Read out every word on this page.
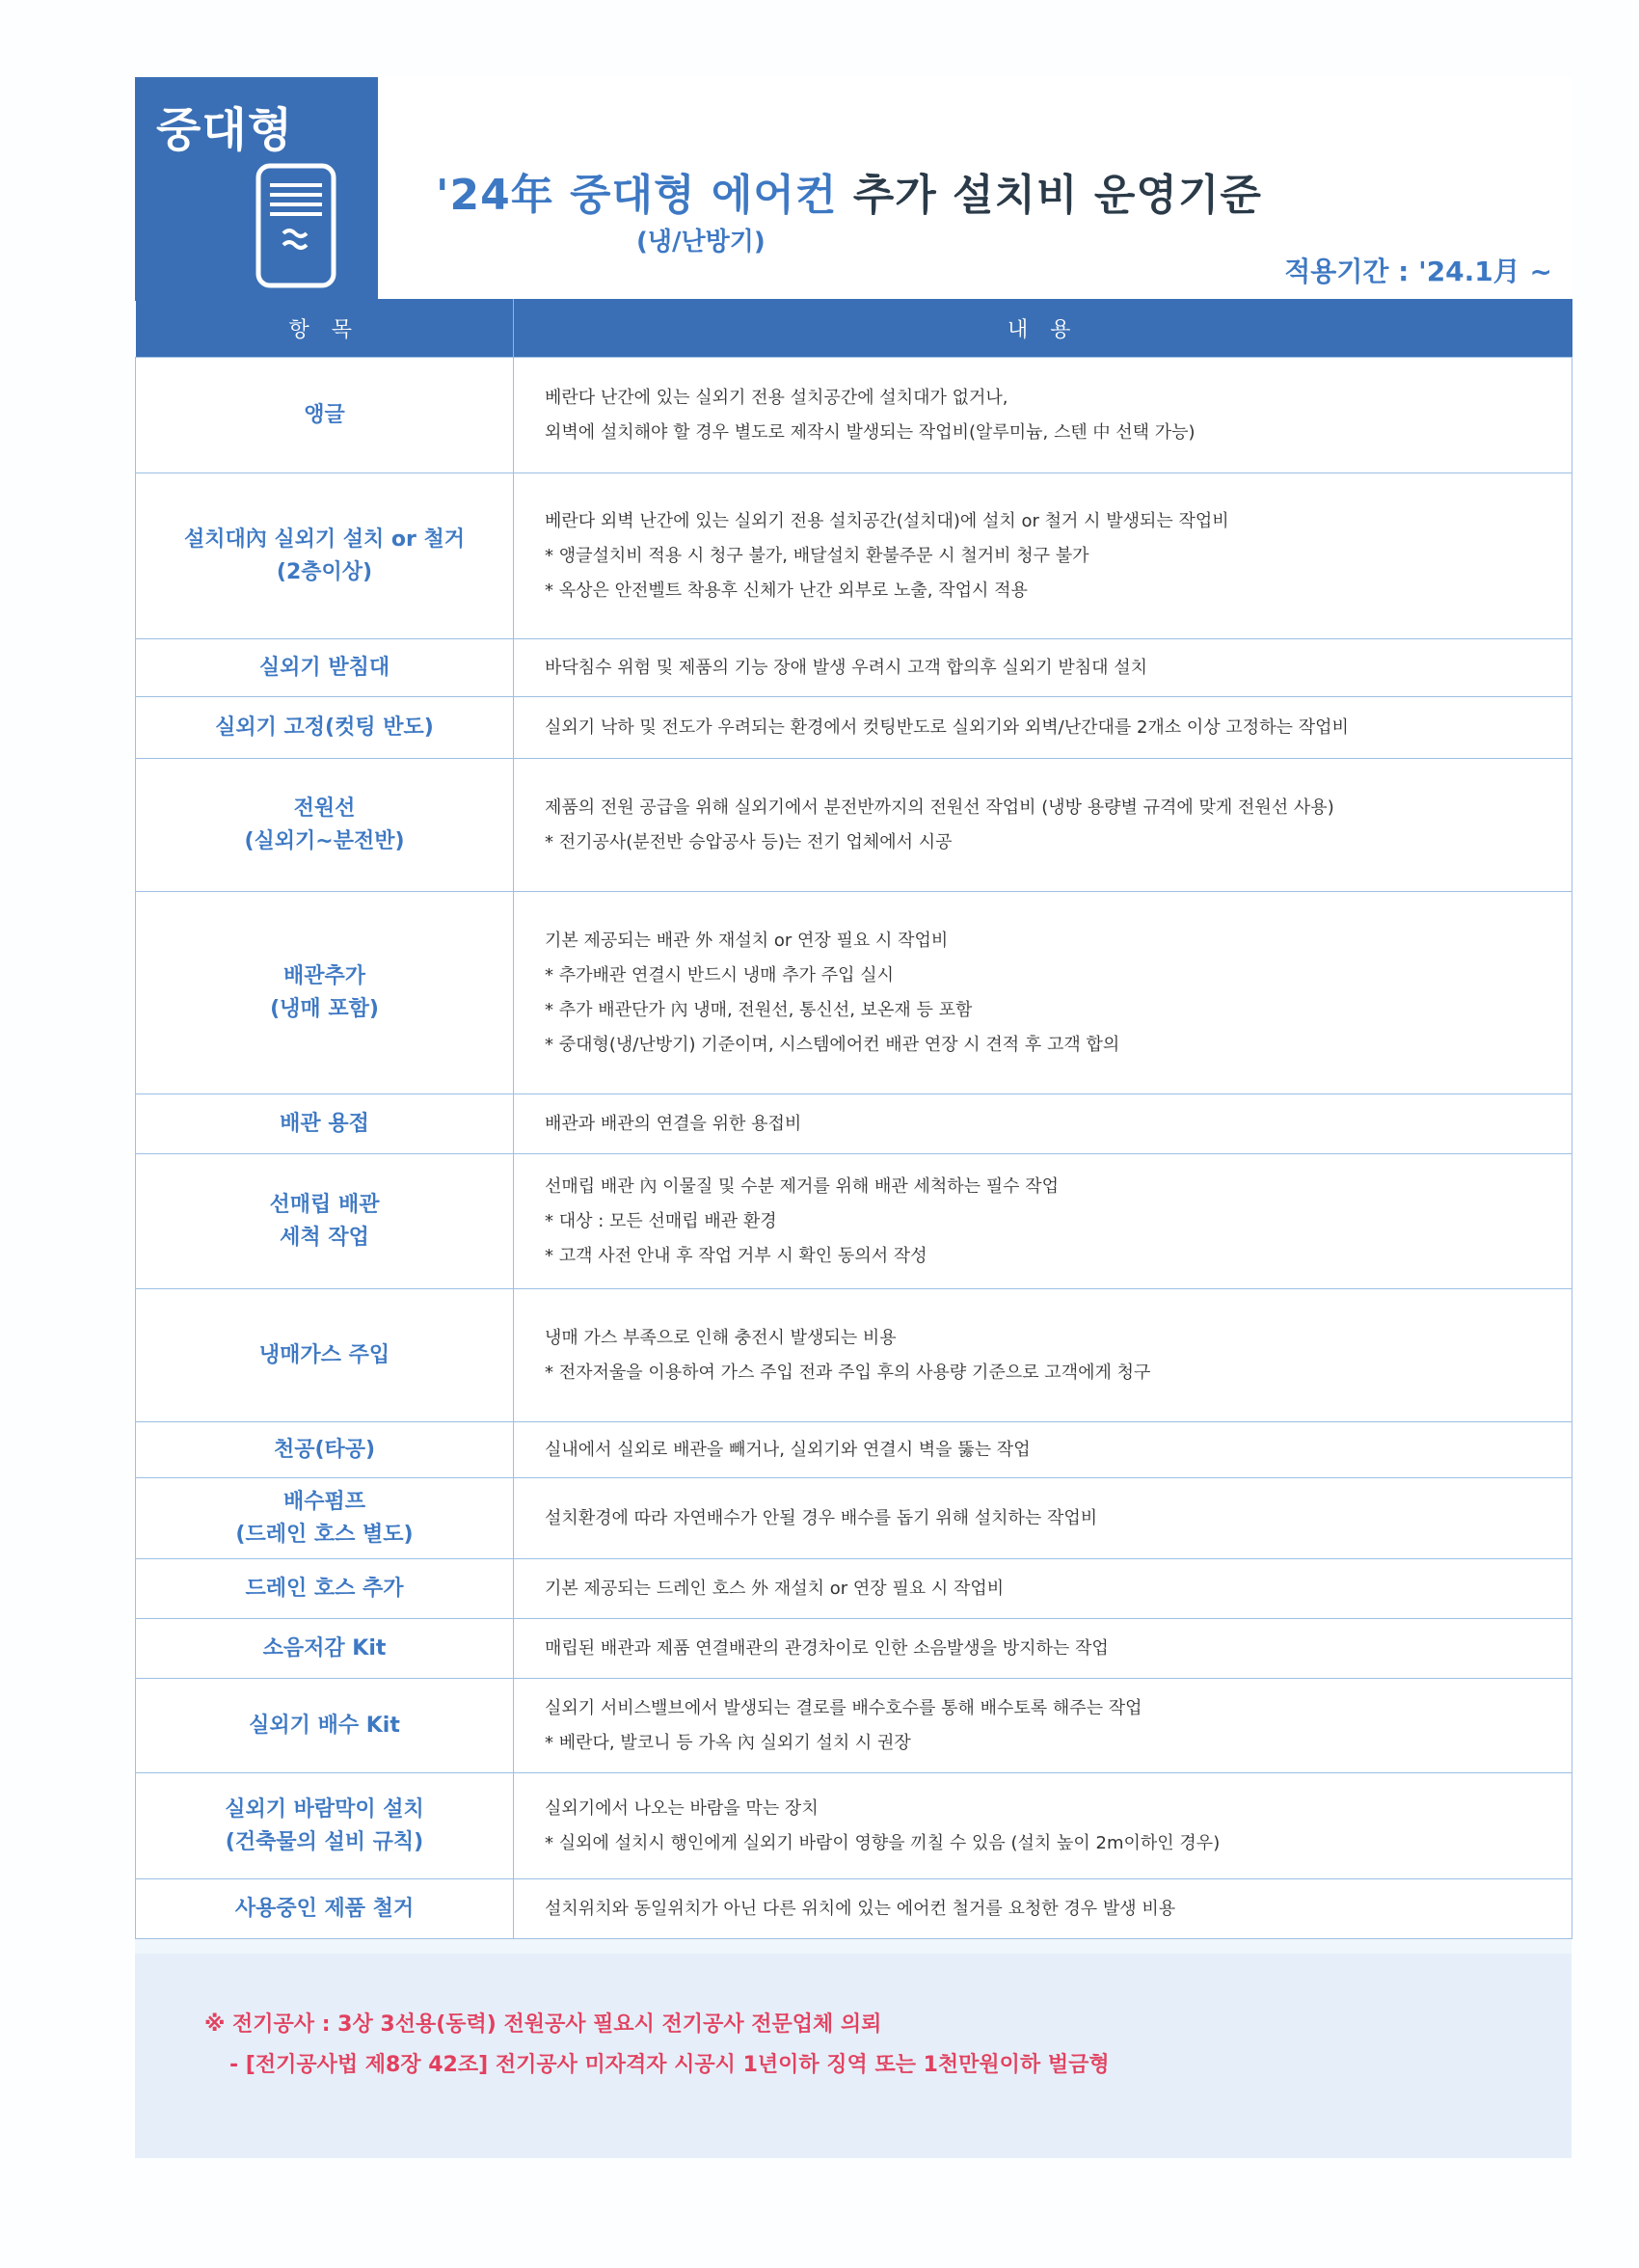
중대형
'24年 중대형 에어컨 추가 설치비 운영기준
(냉/난방기)
적용기간 : '24.1月 ~
항 목	내 용

앵글	베란다 난간에 있는 실외기 전용 설치공간에 설치대가 없거나,
외벽에 설치해야 할 경우 별도로 제작시 발생되는 작업비(알루미늄, 스텐 中 선택 가능)

설치대內 실외기 설치 or 철거
(2층이상)	베란다 외벽 난간에 있는 실외기 전용 설치공간(설치대)에 설치 or 철거 시 발생되는 작업비
* 앵글설치비 적용 시 청구 불가, 배달설치 환불주문 시 철거비 청구 불가
* 옥상은 안전벨트 착용후 신체가 난간 외부로 노출, 작업시 적용

실외기 받침대	바닥침수 위험 및 제품의 기능 장애 발생 우려시 고객 합의후 실외기 받침대 설치

실외기 고정(컷팅 반도)	실외기 낙하 및 전도가 우려되는 환경에서 컷팅반도로 실외기와 외벽/난간대를 2개소 이상 고정하는 작업비

전원선
(실외기~분전반)	제품의 전원 공급을 위해 실외기에서 분전반까지의 전원선 작업비 (냉방 용량별 규격에 맞게 전원선 사용)
* 전기공사(분전반 승압공사 등)는 전기 업체에서 시공

배관추가
(냉매 포함)	기본 제공되는 배관 外 재설치 or 연장 필요 시 작업비
* 추가배관 연결시 반드시 냉매 추가 주입 실시
* 추가 배관단가 內 냉매, 전원선, 통신선, 보온재 등 포함
* 중대형(냉/난방기) 기준이며, 시스템에어컨 배관 연장 시 견적 후 고객 합의

배관 용접	배관과 배관의 연결을 위한 용접비

선매립 배관
세척 작업	선매립 배관 內 이물질 및 수분 제거를 위해 배관 세척하는 필수 작업
* 대상 : 모든 선매립 배관 환경
* 고객 사전 안내 후 작업 거부 시 확인 동의서 작성

냉매가스 주입	냉매 가스 부족으로 인해 충전시 발생되는 비용
* 전자저울을 이용하여 가스 주입 전과 주입 후의 사용량 기준으로 고객에게 청구

천공(타공)	실내에서 실외로 배관을 빼거나, 실외기와 연결시 벽을 뚫는 작업

배수펌프
(드레인 호스 별도)	설치환경에 따라 자연배수가 안될 경우 배수를 돕기 위해 설치하는 작업비

드레인 호스 추가	기본 제공되는 드레인 호스 外 재설치 or 연장 필요 시 작업비

소음저감 Kit	매립된 배관과 제품 연결배관의 관경차이로 인한 소음발생을 방지하는 작업

실외기 배수 Kit	실외기 서비스밸브에서 발생되는 결로를 배수호수를 통해 배수토록 해주는 작업
* 베란다, 발코니 등 가옥 內 실외기 설치 시 권장

실외기 바람막이 설치
(건축물의 설비 규칙)	실외기에서 나오는 바람을 막는 장치
* 실외에 설치시 행인에게 실외기 바람이 영향을 끼칠 수 있음 (설치 높이 2m이하인 경우)

사용중인 제품 철거	설치위치와 동일위치가 아닌 다른 위치에 있는 에어컨 철거를 요청한 경우 발생 비용
※ 전기공사 : 3상 3선용(동력) 전원공사 필요시 전기공사 전문업체 의뢰
- [전기공사법 제8장 42조] 전기공사 미자격자 시공시 1년이하 징역 또는 1천만원이하 벌금형
